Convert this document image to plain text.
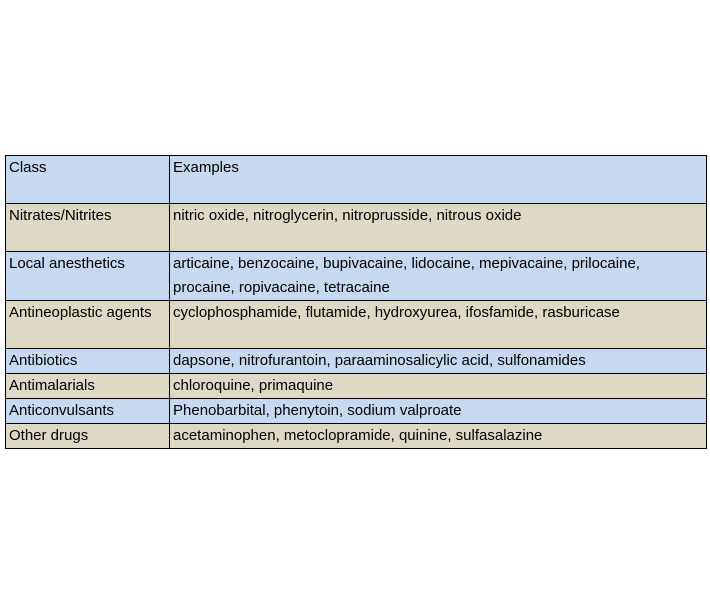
Class	Examples
Nitrates/Nitrites	nitric oxide, nitroglycerin, nitroprusside, nitrous oxide

Local anesthetics	articaine, benzocaine, bupivacaine, lidocaine, mepivacaine, prilocaine,
procaine, ropivacaine, tetracaine

Antineoplastic agents	cyclophosphamide, flutamide, hydroxyurea, ifosfamide, rasburicase

Antibiotics	dapsone, nitrofurantoin, paraaminosalicylic acid, sulfonamides

Antimalarials	chloroquine, primaquine

Anticonvulsants	Phenobarbital, phenytoin, sodium valproate

Other drugs	acetaminophen, metoclopramide, quinine, sulfasalazine
